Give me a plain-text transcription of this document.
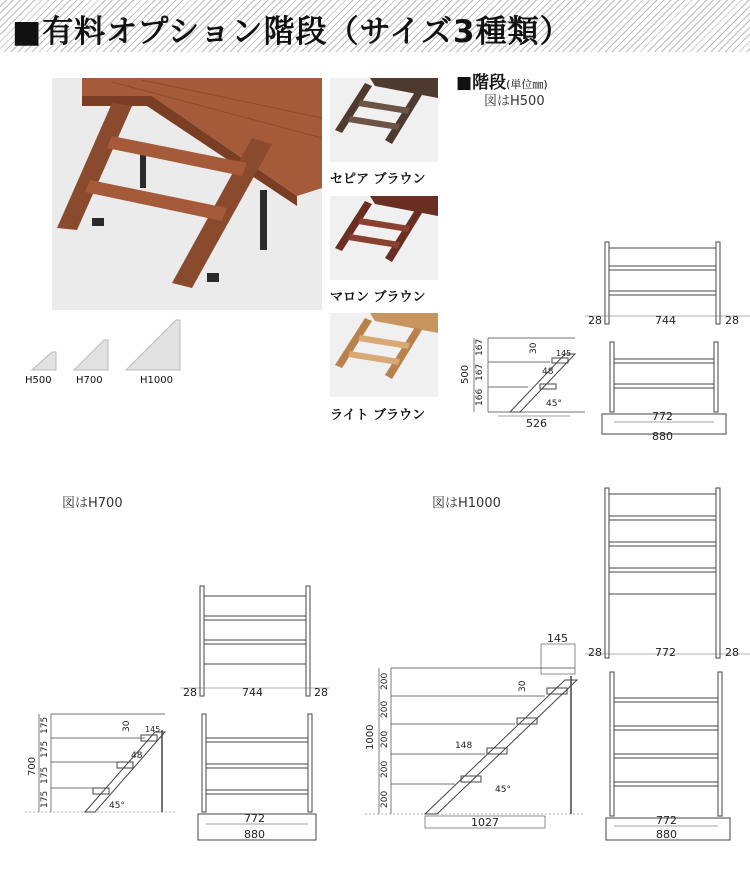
■有料オプション階段（サイズ3種類）
セピア ブラウン
マロン ブラウン
ライト ブラウン
H500 H700	H1000
■階段(単位㎜)
図はH500
28	744	28
500
167
167
166
30 145
48
45°
526
772
880
図はH700
28	744	28
700
175
175
175
175
30 145
48
45°
772
880
図はH1000
28	772	28
145
1000
200
200
200
200
200
30
148
45°
1027	772
880
